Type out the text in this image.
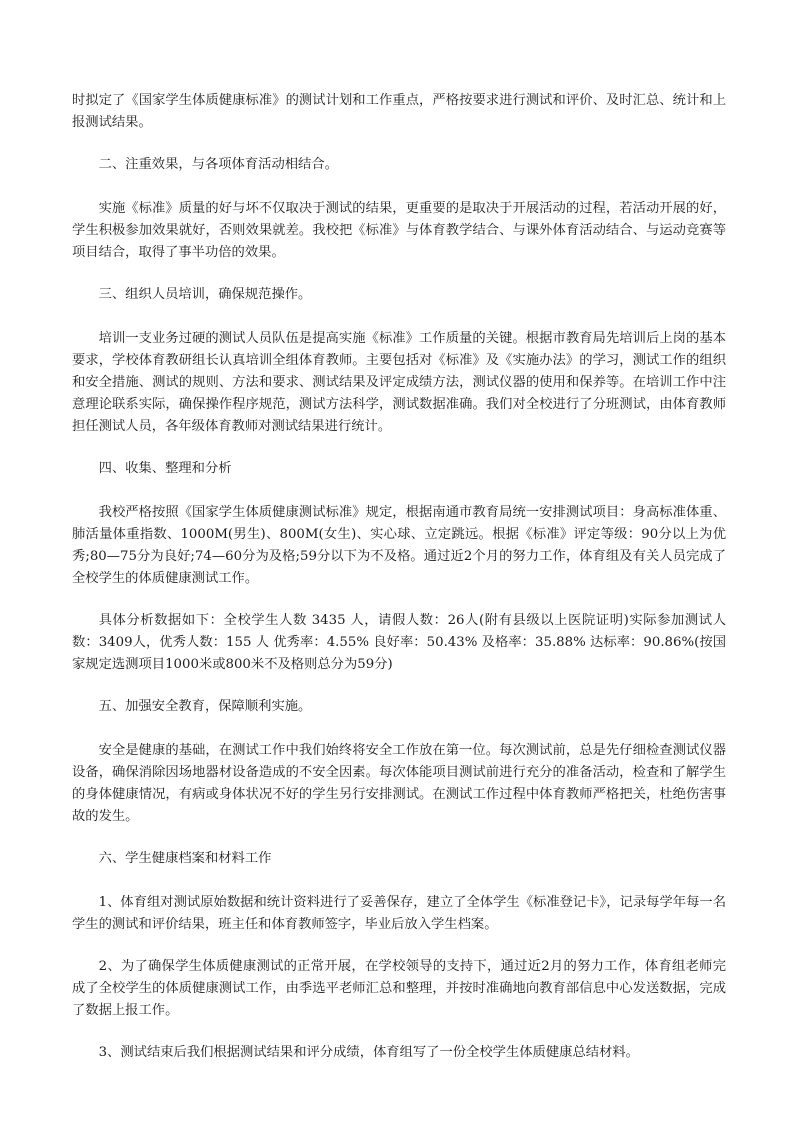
时拟定了《国家学生体质健康标准》的测试计划和工作重点，严格按要求进行测试和评价、及时汇总、统计和上报测试结果。

二、注重效果，与各项体育活动相结合。

实施《标准》质量的好与坏不仅取决于测试的结果，更重要的是取决于开展活动的过程，若活动开展的好，学生积极参加效果就好，否则效果就差。我校把《标准》与体育教学结合、与课外体育活动结合、与运动竞赛等项目结合，取得了事半功倍的效果。

三、组织人员培训，确保规范操作。

培训一支业务过硬的测试人员队伍是提高实施《标准》工作质量的关键。根据市教育局先培训后上岗的基本要求，学校体育教研组长认真培训全组体育教师。主要包括对《标准》及《实施办法》的学习，测试工作的组织和安全措施、测试的规则、方法和要求、测试结果及评定成绩方法，测试仪器的使用和保养等。在培训工作中注意理论联系实际，确保操作程序规范，测试方法科学，测试数据准确。我们对全校进行了分班测试，由体育教师担任测试人员，各年级体育教师对测试结果进行统计。

四、收集、整理和分析

我校严格按照《国家学生体质健康测试标准》规定，根据南通市教育局统一安排测试项目：身高标准体重、肺活量体重指数、1000M(男生)、800M(女生)、实心球、立定跳远。根据《标准》评定等级：90分以上为优秀;80—75分为良好;74—60分为及格;59分以下为不及格。通过近2个月的努力工作，体育组及有关人员完成了全校学生的体质健康测试工作。

具体分析数据如下：全校学生人数 3435 人，请假人数：26人(附有县级以上医院证明)实际参加测试人数：3409人，优秀人数：155 人 优秀率：4.55% 良好率：50.43% 及格率：35.88% 达标率：90.86%(按国家规定选测项目1000米或800米不及格则总分为59分)

五、加强安全教育，保障顺利实施。

安全是健康的基础，在测试工作中我们始终将安全工作放在第一位。每次测试前，总是先仔细检查测试仪器设备，确保消除因场地器材设备造成的不安全因素。每次体能项目测试前进行充分的准备活动，检查和了解学生的身体健康情况，有病或身体状况不好的学生另行安排测试。在测试工作过程中体育教师严格把关，杜绝伤害事故的发生。

六、学生健康档案和材料工作

1、体育组对测试原始数据和统计资料进行了妥善保存，建立了全体学生《标准登记卡》，记录每学年每一名学生的测试和评价结果，班主任和体育教师签字，毕业后放入学生档案。

2、为了确保学生体质健康测试的正常开展，在学校领导的支持下，通过近2月的努力工作，体育组老师完成了全校学生的体质健康测试工作，由季选平老师汇总和整理，并按时准确地向教育部信息中心发送数据，完成了数据上报工作。

3、测试结束后我们根据测试结果和评分成绩，体育组写了一份全校学生体质健康总结材料。
